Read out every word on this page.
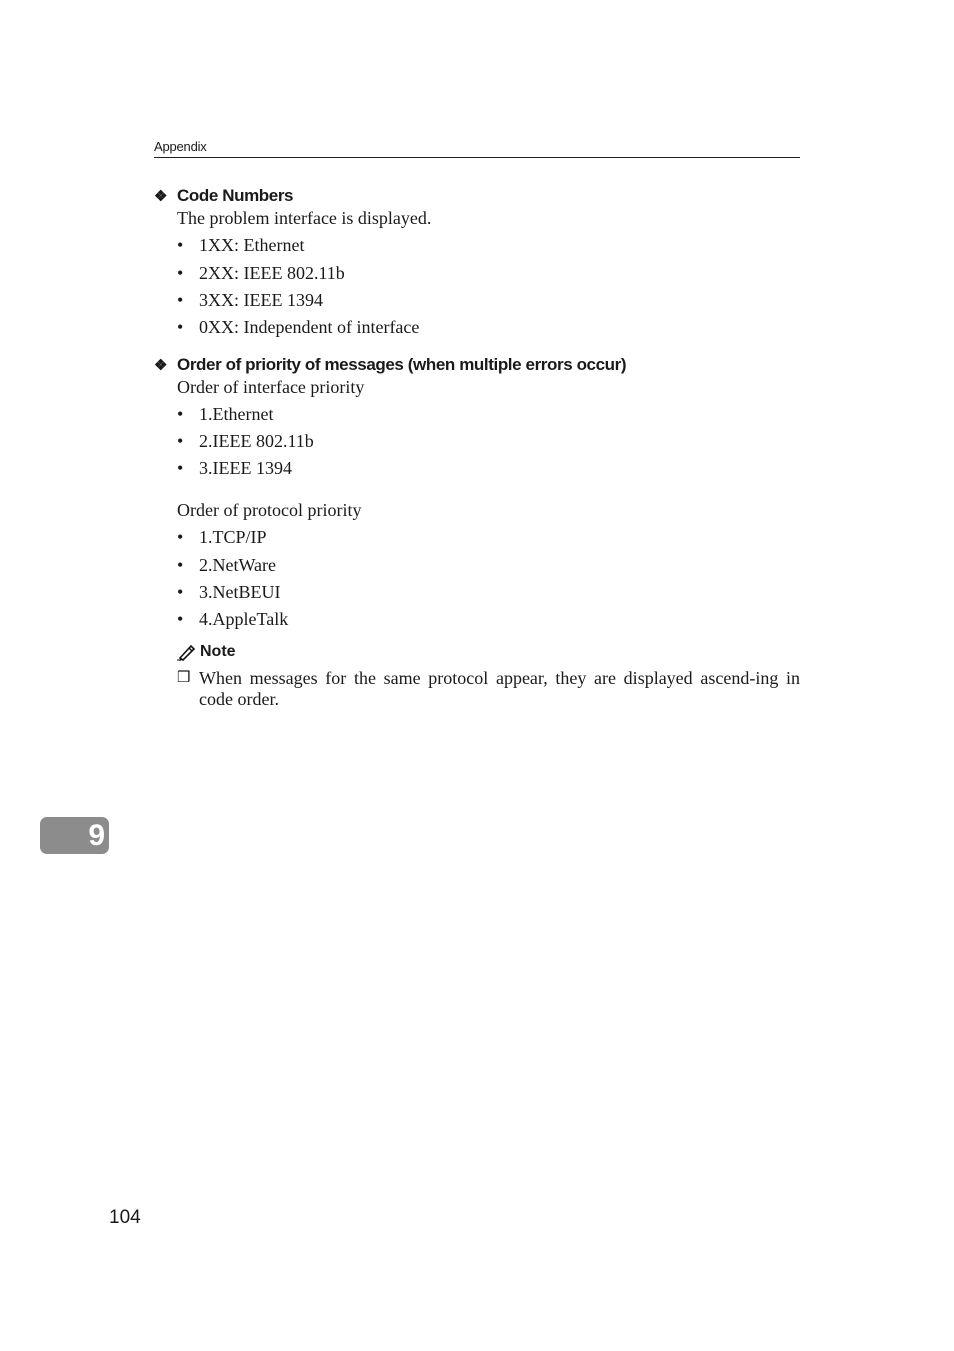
Appendix
❖ Code Numbers
The problem interface is displayed.
• 1XX: Ethernet
• 2XX: IEEE 802.11b
• 3XX: IEEE 1394
• 0XX: Independent of interface
❖ Order of priority of messages (when multiple errors occur)
Order of interface priority
• 1.Ethernet
• 2.IEEE 802.11b
• 3.IEEE 1394
Order of protocol priority
• 1.TCP/IP
• 2.NetWare
• 3.NetBEUI
• 4.AppleTalk
Note
❒ When messages for the same protocol appear, they are displayed ascend-ing in code order.
9
104
